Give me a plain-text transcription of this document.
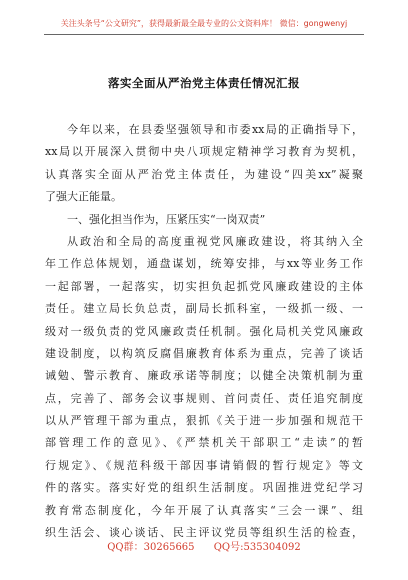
关注头条号“公文研究”，获得最新最全最专业的公文资料库！ 微信：gongwenyj
落实全面从严治党主体责任情况汇报
今年以来，在县委坚强领导和市委xx局的正确指导下，
xx局以开展深入贯彻中央八项规定精神学习教育为契机，
认真落实全面从严治党主体责任，为建设“四美xx”凝聚
了强大正能量。
一、强化担当作为，压紧压实“一岗双责”
从政治和全局的高度重视党风廉政建设，将其纳入全
年工作总体规划，通盘谋划，统筹安排，与xx等业务工作
一起部署，一起落实，切实担负起抓党风廉政建设的主体
责任。建立局长负总责，副局长抓科室，一级抓一级、一
级对一级负责的党风廉政责任机制。强化局机关党风廉政
建设制度，以构筑反腐倡廉教育体系为重点，完善了谈话
诫勉、警示教育、廉政承诺等制度；以健全决策机制为重
点，完善了、部务会议事规则、首问责任、责任追究制度
以从严管理干部为重点，狠抓《关于进一步加强和规范干
部管理工作的意见》、《严禁机关干部职工“走读”的暂
行规定》、《规范科级干部因事请销假的暂行规定》等文
件的落实。落实好党的组织生活制度。巩固推进党纪学习
教育常态制度化，今年开展了认真落实“三会一课”、组
织生活会、谈心谈话、民主评议党员等组织生活的检查，
QQ群：30265665 QQ号:535304092
